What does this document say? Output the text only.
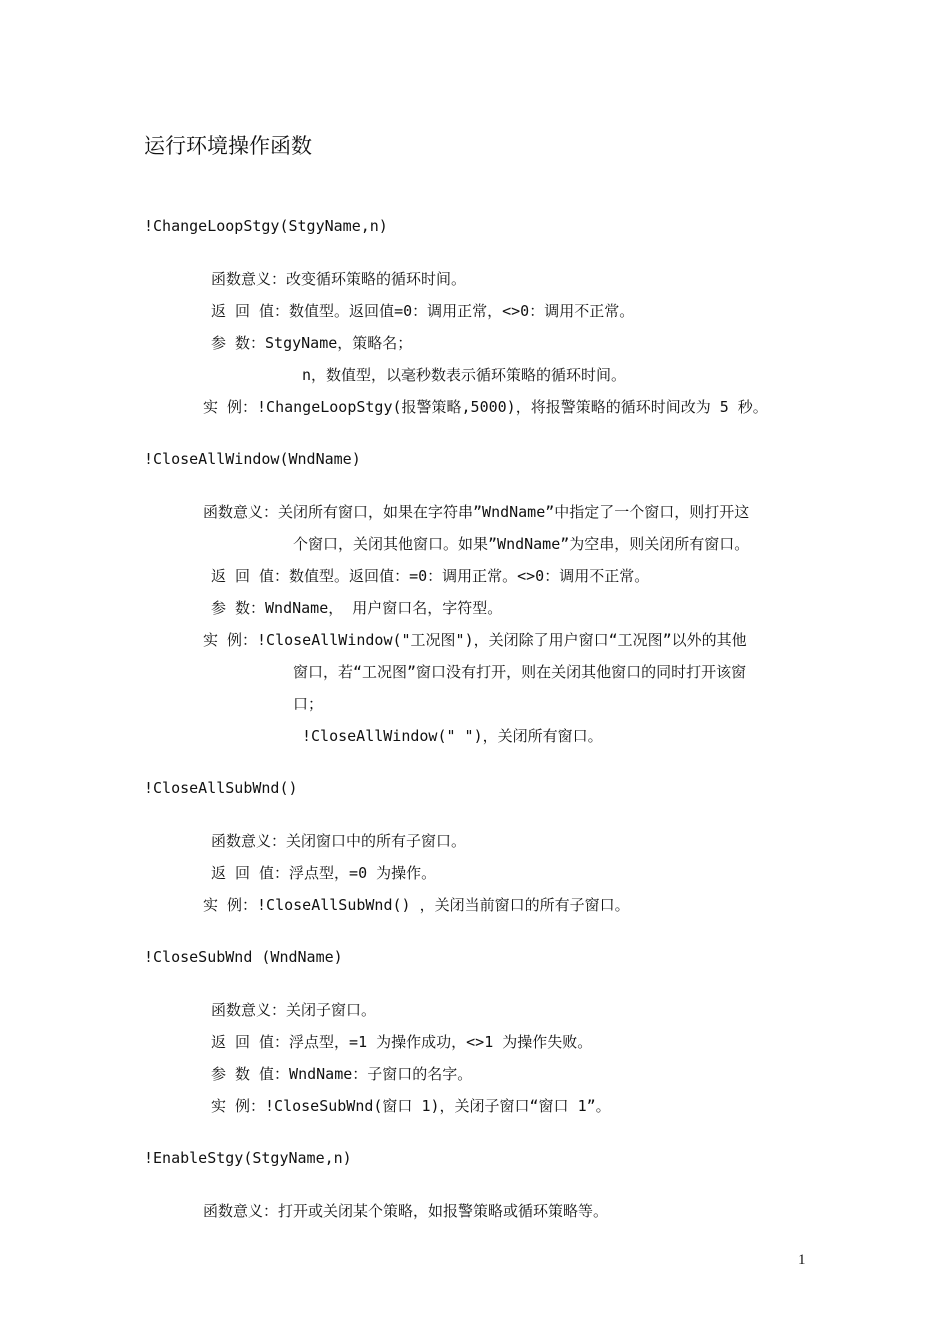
运行环境操作函数
!ChangeLoopStgy(StgyName,n)
函数意义：改变循环策略的循环时间。
返 回 值：数值型。返回值=0：调用正常，<>0：调用不正常。
参 数：StgyName，策略名；
n，数值型，以毫秒数表示循环策略的循环时间。
实 例：!ChangeLoopStgy(报警策略,5000)，将报警策略的循环时间改为 5 秒。
!CloseAllWindow(WndName)
函数意义：关闭所有窗口，如果在字符串”WndName”中指定了一个窗口，则打开这
个窗口，关闭其他窗口。如果”WndName”为空串，则关闭所有窗口。
返 回 值：数值型。返回值：=0：调用正常。<>0：调用不正常。
参 数：WndName， 用户窗口名，字符型。
实 例：!CloseAllWindow("工况图")，关闭除了用户窗口“工况图”以外的其他
窗口，若“工况图”窗口没有打开，则在关闭其他窗口的同时打开该窗
口；
!CloseAllWindow(" ")，关闭所有窗口。
!CloseAllSubWnd()
函数意义：关闭窗口中的所有子窗口。
返 回 值：浮点型，=0 为操作。
实 例：!CloseAllSubWnd() ，关闭当前窗口的所有子窗口。
!CloseSubWnd (WndName)
函数意义：关闭子窗口。
返 回 值：浮点型，=1 为操作成功，<>1 为操作失败。
参 数 值：WndName：子窗口的名字。
实 例：!CloseSubWnd(窗口 1)，关闭子窗口“窗口 1”。
!EnableStgy(StgyName,n)
函数意义：打开或关闭某个策略，如报警策略或循环策略等。
1
